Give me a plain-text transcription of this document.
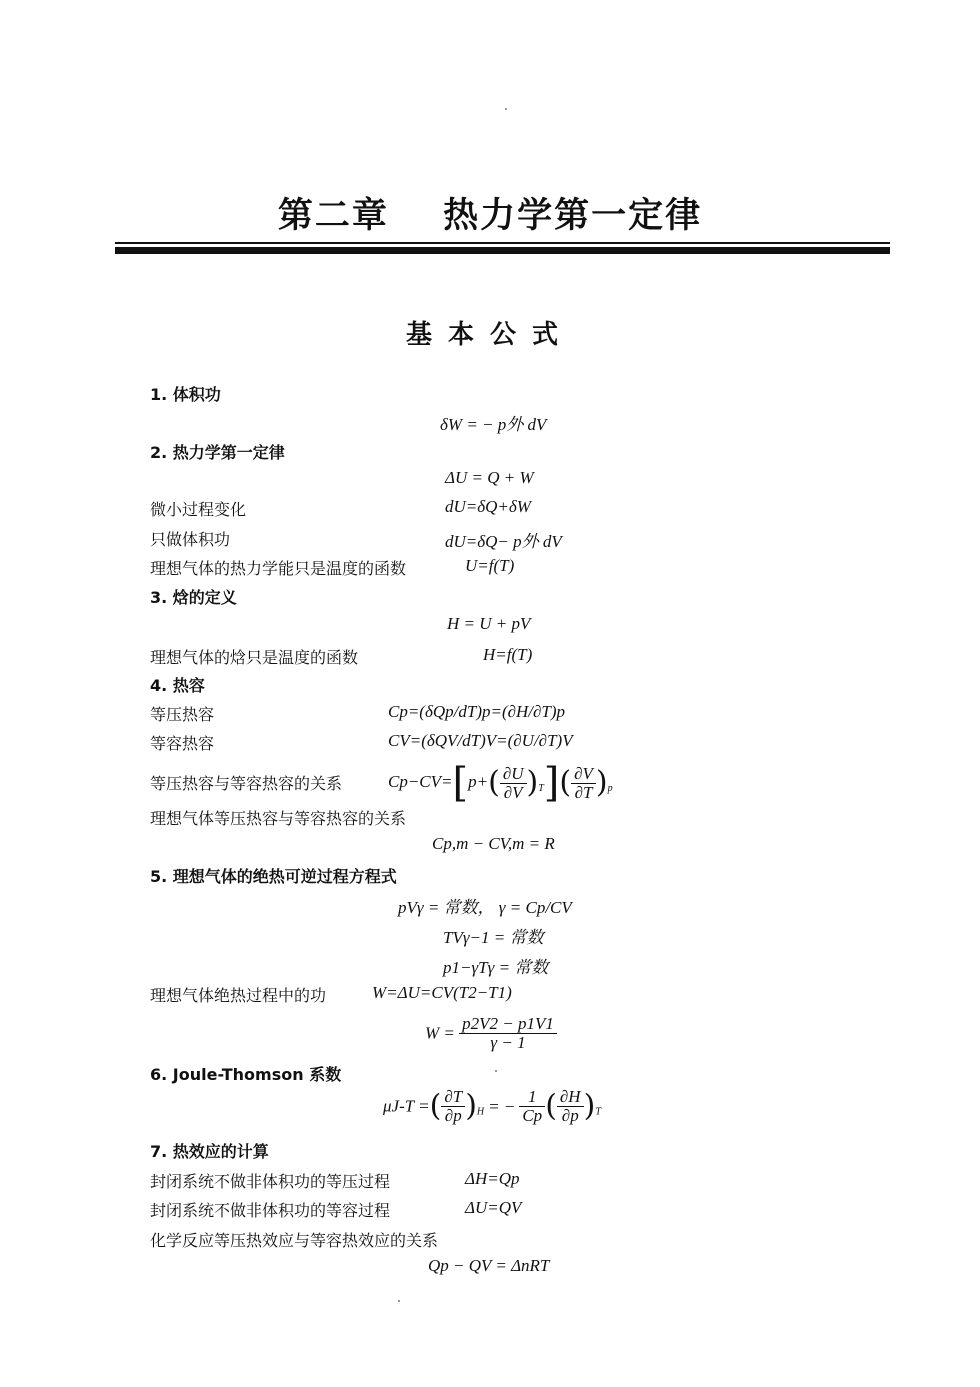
第二章 热力学第一定律
基本公式
1. 体积功
δW = − p外 dV
2. 热力学第一定律
ΔU = Q + W
微小过程变化	dU=δQ+δW
只做体积功	dU=δQ− p外 dV
理想气体的热力学能只是温度的函数	U=f(T)
3. 焓的定义
H = U + pV
理想气体的焓只是温度的函数	H=f(T)
4. 热容
等压热容	Cp=(δQp/dT)p=(∂H/∂T)p
等容热容	CV=(δQV/dT)V=(∂U/∂T)V
等压热容与等容热容的关系	$Cp-CV=[p+( \frac{\partial U}{\partial V} )_T]( \frac{\partial V}{\partial T} )_p$
理想气体等压热容与等容热容的关系
Cp,m − CV,m = R
5. 理想气体的绝热可逆过程方程式
pVγ = 常数， γ = Cp/CV
TVγ−1 = 常数
p1−γTγ = 常数
理想气体绝热过程中的功	W=ΔU=CV(T2−T1)
$W = \frac{p2V2 - p1V1}{\gamma - 1}$
6. Joule-Thomson 系数
μJ-T =( $\frac{\partial T}{\partial p} )_H$ = − $\frac{1}{Cp}$ ( $\frac{\partial H}{\partial p} )_T$
7. 热效应的计算
封闭系统不做非体积功的等压过程	ΔH=Qp
封闭系统不做非体积功的等容过程	ΔU=QV
化学反应等压热效应与等容热效应的关系
Qp − QV = ΔnRT
